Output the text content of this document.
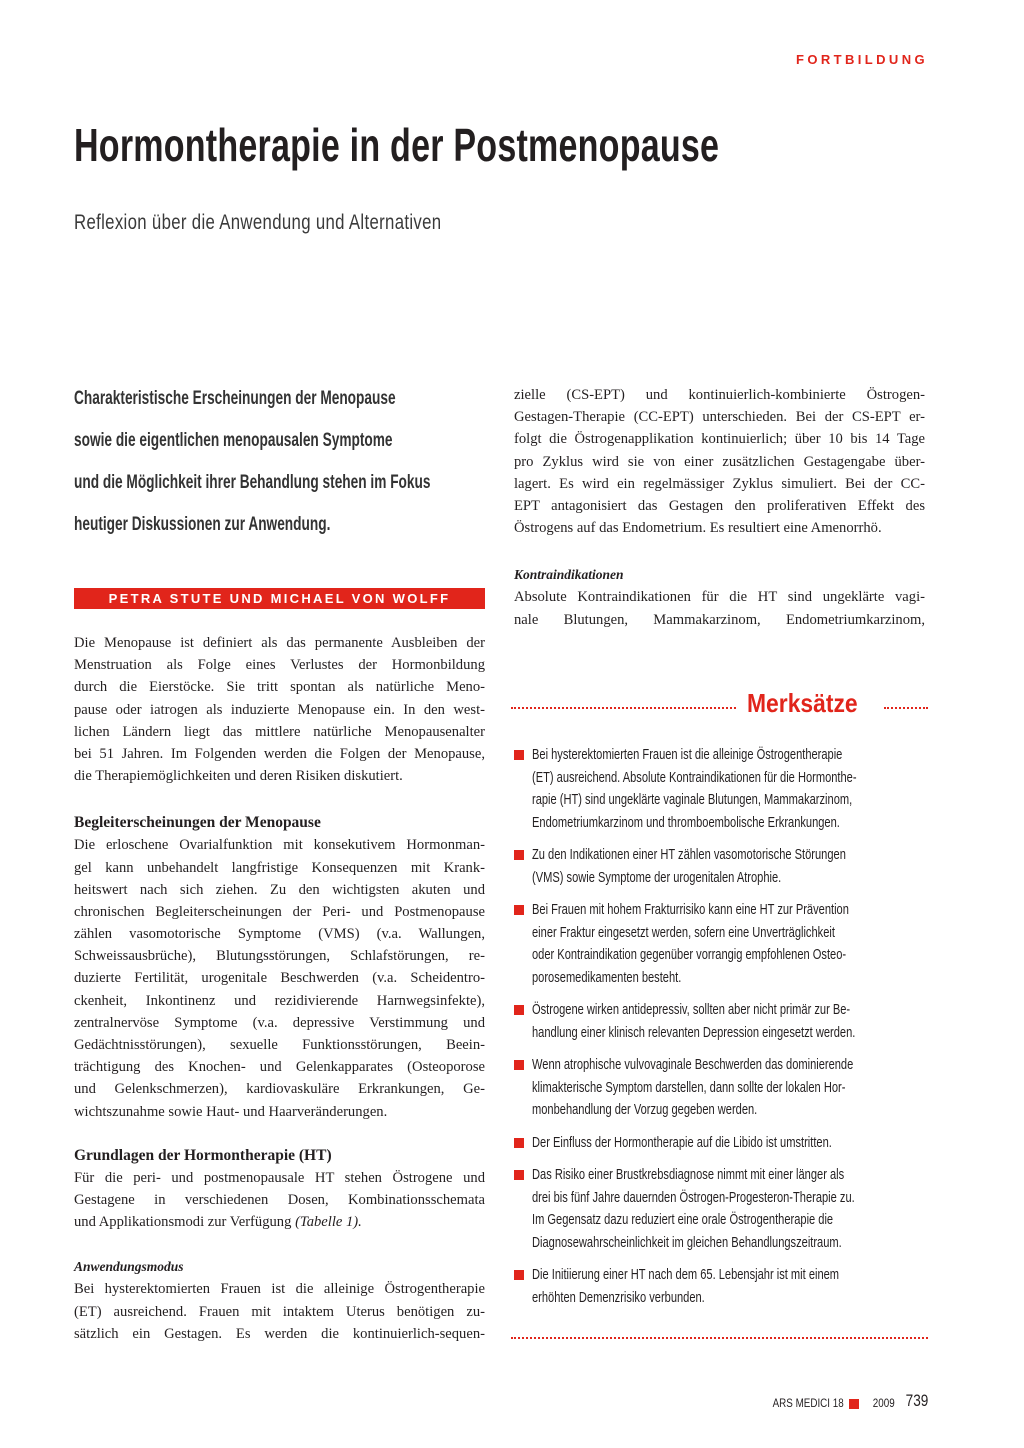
FORTBILDUNG
Hormontherapie in der Postmenopause
Reflexion über die Anwendung und Alternativen
Charakteristische Erscheinungen der Menopause
sowie die eigentlichen menopausalen Symptome
und die Möglichkeit ihrer Behandlung stehen im Fokus
heutiger Diskussionen zur Anwendung.
PETRA STUTE UND MICHAEL VON WOLFF
Die Menopause ist definiert als das permanente Ausbleiben der
Menstruation als Folge eines Verlustes der Hormonbildung
durch die Eierstöcke. Sie tritt spontan als natürliche Meno-
pause oder iatrogen als induzierte Menopause ein. In den west-
lichen Ländern liegt das mittlere natürliche Menopausenalter
bei 51 Jahren. Im Folgenden werden die Folgen der Menopause,
die Therapiemöglichkeiten und deren Risiken diskutiert.
Begleiterscheinungen der Menopause
Die erloschene Ovarialfunktion mit konsekutivem Hormonman-
gel kann unbehandelt langfristige Konsequenzen mit Krank-
heitswert nach sich ziehen. Zu den wichtigsten akuten und
chronischen Begleiterscheinungen der Peri- und Postmenopause
zählen vasomotorische Symptome (VMS) (v.a. Wallungen,
Schweissausbrüche), Blutungsstörungen, Schlafstörungen, re-
duzierte Fertilität, urogenitale Beschwerden (v.a. Scheidentro-
ckenheit, Inkontinenz und rezidivierende Harnwegsinfekte),
zentralnervöse Symptome (v.a. depressive Verstimmung und
Gedächtnisstörungen), sexuelle Funktionsstörungen, Beein-
trächtigung des Knochen- und Gelenkapparates (Osteoporose
und Gelenkschmerzen), kardiovaskuläre Erkrankungen, Ge-
wichtszunahme sowie Haut- und Haarveränderungen.
Grundlagen der Hormontherapie (HT)
Für die peri- und postmenopausale HT stehen Östrogene und
Gestagene in verschiedenen Dosen, Kombinationsschemata
und Applikationsmodi zur Verfügung (Tabelle 1).
Anwendungsmodus
Bei hysterektomierten Frauen ist die alleinige Östrogentherapie
(ET) ausreichend. Frauen mit intaktem Uterus benötigen zu-
sätzlich ein Gestagen. Es werden die kontinuierlich-sequen-
zielle (CS-EPT) und kontinuierlich-kombinierte Östrogen-
Gestagen-Therapie (CC-EPT) unterschieden. Bei der CS-EPT er-
folgt die Östrogenapplikation kontinuierlich; über 10 bis 14 Tage
pro Zyklus wird sie von einer zusätzlichen Gestagengabe über-
lagert. Es wird ein regelmässiger Zyklus simuliert. Bei der CC-
EPT antagonisiert das Gestagen den proliferativen Effekt des
Östrogens auf das Endometrium. Es resultiert eine Amenorrhö.
Kontraindikationen
Absolute Kontraindikationen für die HT sind ungeklärte vagi-
nale Blutungen, Mammakarzinom, Endometriumkarzinom,
Merksätze
Bei hysterektomierten Frauen ist die alleinige Östrogentherapie
(ET) ausreichend. Absolute Kontraindikationen für die Hormonthe-
rapie (HT) sind ungeklärte vaginale Blutungen, Mammakarzinom,
Endometriumkarzinom und thromboembolische Erkrankungen.
Zu den Indikationen einer HT zählen vasomotorische Störungen
(VMS) sowie Symptome der urogenitalen Atrophie.
Bei Frauen mit hohem Frakturrisiko kann eine HT zur Prävention
einer Fraktur eingesetzt werden, sofern eine Unverträglichkeit
oder Kontraindikation gegenüber vorrangig empfohlenen Osteo-
porosemedikamenten besteht.
Östrogene wirken antidepressiv, sollten aber nicht primär zur Be-
handlung einer klinisch relevanten Depression eingesetzt werden.
Wenn atrophische vulvovaginale Beschwerden das dominierende
klimakterische Symptom darstellen, dann sollte der lokalen Hor-
monbehandlung der Vorzug gegeben werden.
Der Einfluss der Hormontherapie auf die Libido ist umstritten.
Das Risiko einer Brustkrebsdiagnose nimmt mit einer länger als
drei bis fünf Jahre dauernden Östrogen-Progesteron-Therapie zu.
Im Gegensatz dazu reduziert eine orale Östrogentherapie die
Diagnosewahrscheinlichkeit im gleichen Behandlungszeitraum.
Die Initiierung einer HT nach dem 65. Lebensjahr ist mit einem
erhöhten Demenzrisiko verbunden.
ARS MEDICI 18 2009 739
